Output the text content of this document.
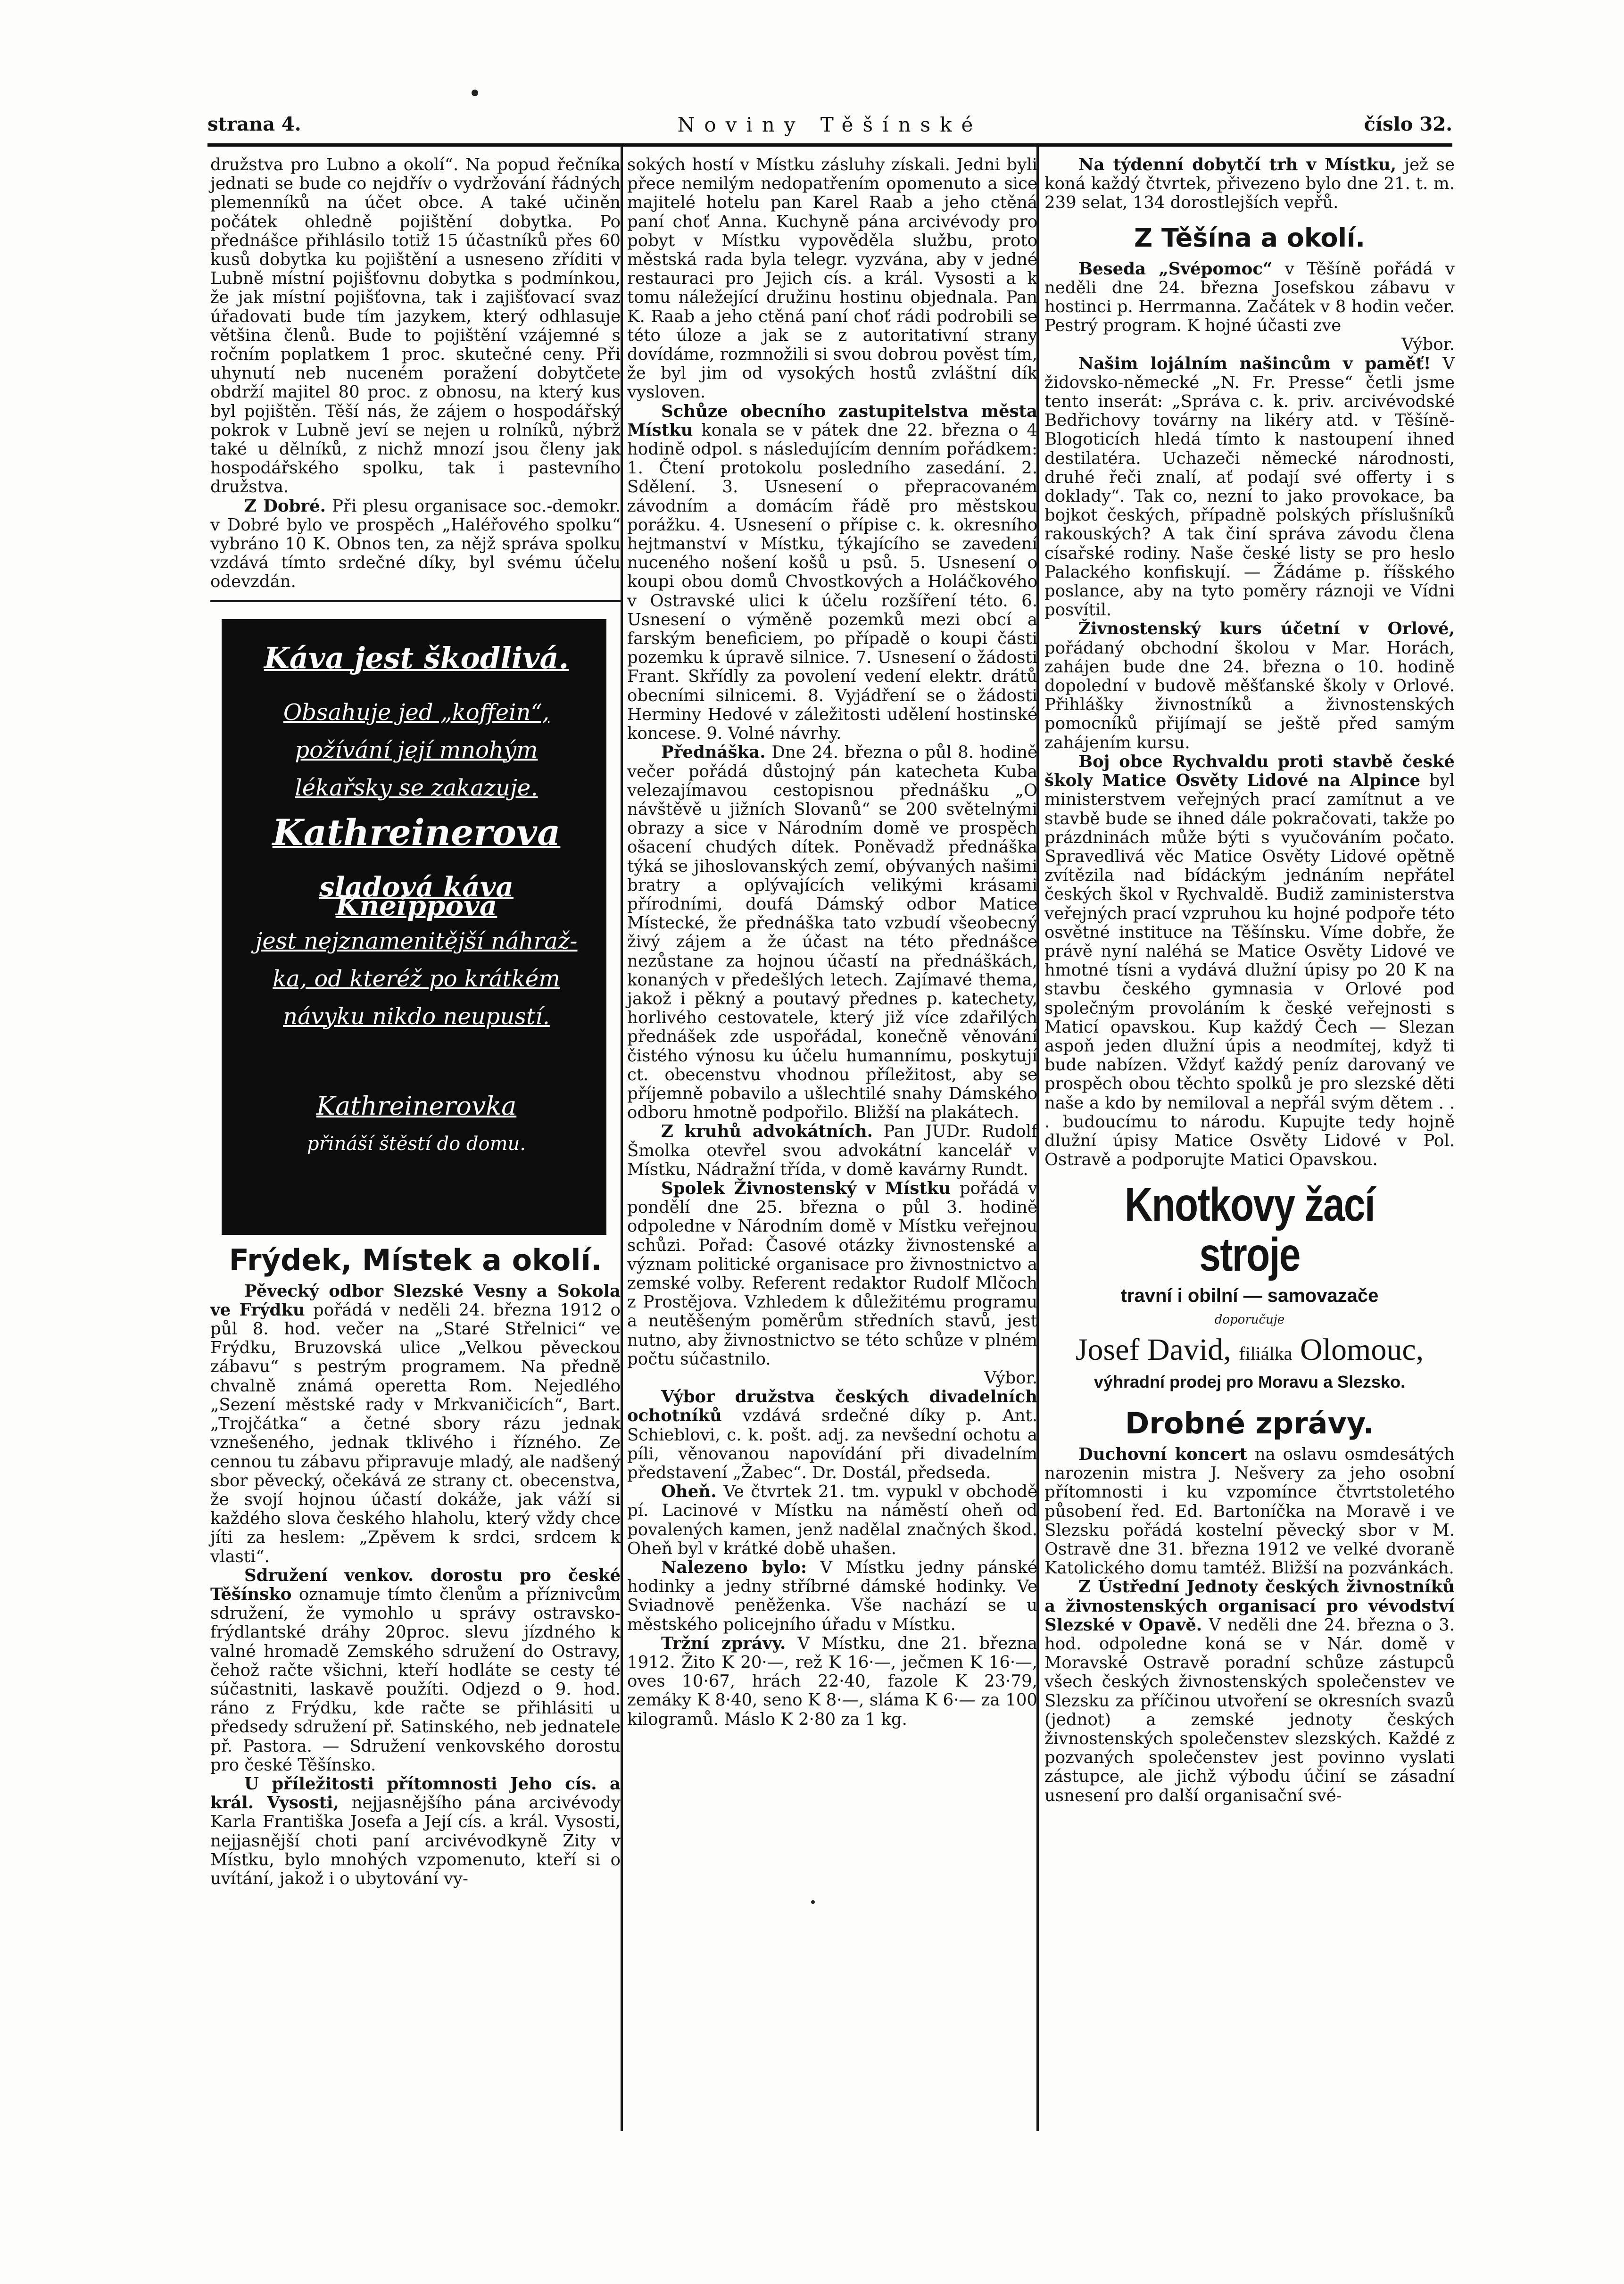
strana 4.	Noviny Těšínské	číslo 32.

družstva pro Lubno a okolí“. Na popud řečníka jednati se bude co nejdřív o vydržování řádných plemenníků na účet obce. A také učiněn počátek ohledně pojištění dobytka. Po přednášce přihlásilo totiž 15 účastníků přes 60 kusů dobytka ku pojištění a usneseno zříditi v Lubně místní pojišťovnu dobytka s podmínkou, že jak místní pojišťovna, tak i zajišťovací svaz úřadovati bude tím jazykem, který odhlasuje většina členů. Bude to pojištění vzájemné s ročním poplatkem 1 proc. skutečné ceny. Při uhynutí neb nuceném poražení dobytčete obdrží majitel 80 proc. z obnosu, na který kus byl pojištěn. Těší nás, že zájem o hospodářský pokrok v Lubně jeví se nejen u rolníků, nýbrž také u dělníků, z nichž mnozí jsou členy jak hospodářského spolku, tak i pastevního družstva.

Z Dobré. Při plesu organisace soc.-demokr. v Dobré bylo ve prospěch „Haléřového spolku“ vybráno 10 K. Obnos ten, za nějž správa spolku vzdává tímto srdečné díky, byl svému účelu odevzdán.

Káva jest škodlivá.
Obsahuje jed „koffein“,
požívání její mnohým
lékařsky se zakazuje.
Kathreinerova
sladová káva Kneippova
jest nejznamenitější náhraž-
ka, od kteréž po krátkém
návyku nikdo neupustí.
Kathreinerovka
přináší štěstí do domu.
Frýdek, Místek a okolí.

Pěvecký odbor Slezské Vesny a Sokola ve Frýdku pořádá v neděli 24. března 1912 o půl 8. hod. večer na „Staré Střelnici“ ve Frýdku, Bruzovská ulice „Velkou pěveckou zábavu“ s pestrým programem. Na předně chvalně známá operetta Rom. Nejedlého „Sezení městské rady v Mrkvaničicích“, Bart. „Trojčátka“ a četné sbory rázu jednak vznešeného, jednak tklivého i řízného. Ze cennou tu zábavu připravuje mladý, ale nadšený sbor pěvecký, očekává ze strany ct. obecenstva, že svojí hojnou účastí dokáže, jak váží si každého slova českého hlaholu, který vždy chce jíti za heslem: „Zpěvem k srdci, srdcem k vlasti“.

Sdružení venkov. dorostu pro české Těšínsko oznamuje tímto členům a příznivcům sdružení, že vymohlo u správy ostravsko-frýdlantské dráhy 20proc. slevu jízdného k valné hromadě Zemského sdružení do Ostravy, čehož račte všichni, kteří hodláte se cesty té súčastniti, laskavě použíti. Odjezd o 9. hod. ráno z Frýdku, kde račte se přihlásiti u předsedy sdružení př. Satinského, neb jednatele př. Pastora. — Sdružení venkovského dorostu pro české Těšínsko.

U příležitosti přítomnosti Jeho cís. a král. Vysosti, nejjasnějšího pána arcivévody Karla Františka Josefa a Její cís. a král. Vysosti, nejjasnější choti paní arcivévodkyně Zity v Místku, bylo mnohých vzpomenuto, kteří si o uvítání, jakož i o ubytování vy-

sokých hostí v Místku zásluhy získali. Jedni byli přece nemilým nedopatřením opomenuto a sice majitelé hotelu pan Karel Raab a jeho ctěná paní choť Anna. Kuchyně pána arcivévody pro pobyt v Místku vypověděla službu, proto městská rada byla telegr. vyzvána, aby v jedné restauraci pro Jejich cís. a král. Vysosti a k tomu náležející družinu hostinu objednala. Pan K. Raab a jeho ctěná paní choť rádi podrobili se této úloze a jak se z autoritativní strany dovídáme, rozmnožili si svou dobrou pověst tím, že byl jim od vysokých hostů zvláštní dík vysloven.

Schůze obecního zastupitelstva města Místku konala se v pátek dne 22. března o 4 hodině odpol. s následujícím denním pořádkem: 1. Čtení protokolu posledního zasedání. 2. Sdělení. 3. Usnesení o přepracovaném závodním a domácím řádě pro městskou porážku. 4. Usnesení o přípise c. k. okresního hejtmanství v Místku, týkajícího se zavedení nuceného nošení košů u psů. 5. Usnesení o koupi obou domů Chvostkových a Holáčkového v Ostravské ulici k účelu rozšíření této. 6. Usnesení o výměně pozemků mezi obcí a farským beneficiem, po případě o koupi části pozemku k úpravě silnice. 7. Usnesení o žádosti Frant. Skřídly za povolení vedení elektr. drátů obecními silnicemi. 8. Vyjádření se o žádosti Herminy Hedové v záležitosti udělení hostinské koncese. 9. Volné návrhy.

Přednáška. Dne 24. března o půl 8. hodině večer pořádá důstojný pán katecheta Kuba velezajímavou cestopisnou přednášku „O návštěvě u jižních Slovanů“ se 200 světelnými obrazy a sice v Národním domě ve prospěch ošacení chudých dítek. Poněvadž přednáška týká se jihoslovanských zemí, obývaných našimi bratry a oplývajících velikými krásami přírodními, doufá Dámský odbor Matice Místecké, že přednáška tato vzbudí všeobecný živý zájem a že účast na této přednášce nezůstane za hojnou účastí na přednáškách, konaných v předešlých letech. Zajímavé thema, jakož i pěkný a poutavý přednes p. katechety, horlivého cestovatele, který již více zdařilých přednášek zde uspořádal, konečně věnování čistého výnosu ku účelu humannímu, poskytují ct. obecenstvu vhodnou příležitost, aby se příjemně pobavilo a ušlechtilé snahy Dámského odboru hmotně podpořilo. Bližší na plakátech.

Z kruhů advokátních. Pan JUDr. Rudolf Šmolka otevřel svou advokátní kancelář v Místku, Nádražní třída, v domě kavárny Rundt.

Spolek Živnostenský v Místku pořádá v pondělí dne 25. března o půl 3. hodině odpoledne v Národním domě v Místku veřejnou schůzi. Pořad: Časové otázky živnostenské a význam politické organisace pro živnostnictvo a zemské volby. Referent redaktor Rudolf Mlčoch z Prostějova. Vzhledem k důležitému programu a neutěšeným poměrům středních stavů, jest nutno, aby živnostnictvo se této schůze v plném počtu súčastnilo.

Výbor.

Výbor družstva českých divadelních ochotníků vzdává srdečné díky p. Ant. Schieblovi, c. k. pošt. adj. za nevšední ochotu a píli, věnovanou napovídání při divadelním představení „Žabec“. Dr. Dostál, předseda.

Oheň. Ve čtvrtek 21. tm. vypukl v obchodě pí. Lacinové v Místku na náměstí oheň od povalených kamen, jenž nadělal značných škod. Oheň byl v krátké době uhašen.

Nalezeno bylo: V Místku jedny pánské hodinky a jedny stříbrné dámské hodinky. Ve Sviadnově peněženka. Vše nachází se u městského policejního úřadu v Místku.

Tržní zprávy. V Místku, dne 21. března 1912. Žito K 20·—, rež K 16·—, ječmen K 16·—, oves 10·67, hrách 22·40, fazole K 23·79, zemáky K 8·40, seno K 8·—, sláma K 6·— za 100 kilogramů. Máslo K 2·80 za 1 kg.

Na týdenní dobytčí trh v Místku, jež se koná každý čtvrtek, přivezeno bylo dne 21. t. m. 239 selat, 134 dorostlejších vepřů.

Z Těšína a okolí.

Beseda „Svépomoc“ v Těšíně pořádá v neděli dne 24. března Josefskou zábavu v hostinci p. Herrmanna. Začátek v 8 hodin večer. Pestrý program. K hojné účasti zve

Výbor.

Našim lojálním našincům v paměť! V židovsko-německé „N. Fr. Presse“ četli jsme tento inserát: „Správa c. k. priv. arcivévodské Bedřichovy továrny na likéry atd. v Těšíně-Blogoticích hledá tímto k nastoupení ihned destilatéra. Uchazeči německé národnosti, druhé řeči znalí, ať podají své offerty i s doklady“. Tak co, nezní to jako provokace, ba bojkot českých, případně polských příslušníků rakouských? A tak činí správa závodu člena císařské rodiny. Naše české listy se pro heslo Palackého konfiskují. — Žádáme p. říšského poslance, aby na tyto poměry ráznoji ve Vídni posvítil.

Živnostenský kurs účetní v Orlové, pořádaný obchodní školou v Mar. Horách, zahájen bude dne 24. března o 10. hodině dopolední v budově měšťanské školy v Orlové. Přihlášky živnostníků a živnostenských pomocníků přijímají se ještě před samým zahájením kursu.

Boj obce Rychvaldu proti stavbě české školy Matice Osvěty Lidové na Alpince byl ministerstvem veřejných prací zamítnut a ve stavbě bude se ihned dále pokračovati, takže po prázdninách může býti s vyučováním počato. Spravedlivá věc Matice Osvěty Lidové opětně zvítězila nad bídáckým jednáním nepřátel českých škol v Rychvaldě. Budiž zaministerstva veřejných prací vzpruhou ku hojné podpoře této osvětné instituce na Těšínsku. Víme dobře, že právě nyní naléhá se Matice Osvěty Lidové ve hmotné tísni a vydává dlužní úpisy po 20 K na stavbu českého gymnasia v Orlové pod společným provoláním k české veřejnosti s Maticí opavskou. Kup každý Čech — Slezan aspoň jeden dlužní úpis a neodmítej, když ti bude nabízen. Vždyť každý peníz darovaný ve prospěch obou těchto spolků je pro slezské děti naše a kdo by nemiloval a nepřál svým dětem . . . budoucímu to národu. Kupujte tedy hojně dlužní úpisy Matice Osvěty Lidové v Pol. Ostravě a podporujte Matici Opavskou.

Knotkovy žací stroje
travní i obilní — samovazače
doporučuje
Josef David, filiálka Olomouc,
výhradní prodej pro Moravu a Slezsko.
Drobné zprávy.

Duchovní koncert na oslavu osmdesátých narozenin mistra J. Nešvery za jeho osobní přítomnosti i ku vzpomínce čtvrtstoletého působení řed. Ed. Bartoníčka na Moravě i ve Slezsku pořádá kostelní pěvecký sbor v M. Ostravě dne 31. března 1912 ve velké dvoraně Katolického domu tamtéž. Bližší na pozvánkách.

Z Ústřední Jednoty českých živnostníků a živnostenských organisací pro vévodství Slezské v Opavě. V neděli dne 24. března o 3. hod. odpoledne koná se v Nár. domě v Moravské Ostravě poradní schůze zástupců všech českých živnostenských společenstev ve Slezsku za příčinou utvoření se okresních svazů (jednot) a zemské jednoty českých živnostenských společenstev slezských. Každé z pozvaných společenstev jest povinno vyslati zástupce, ale jichž výbodu účiní se zásadní usnesení pro další organisační své-
